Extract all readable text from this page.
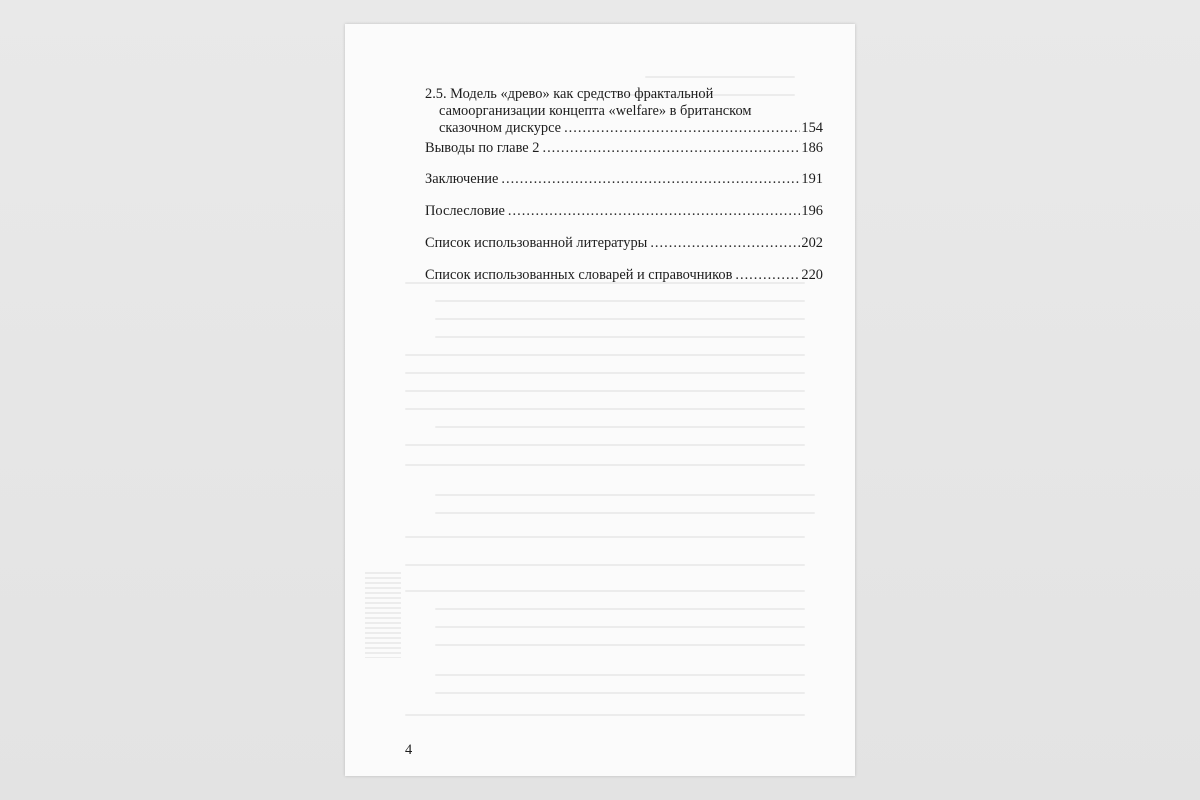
2.5. Модель «древо» как средство фрактальной
самоорганизации концепта «welfare» в британском
сказочном дискурсе .....	154
Выводы по главе 2 .....	186
Заключение .....	191
Послесловие .....	196
Список использованной литературы .....	202
Список использованных словарей и справочников .....	220
4
